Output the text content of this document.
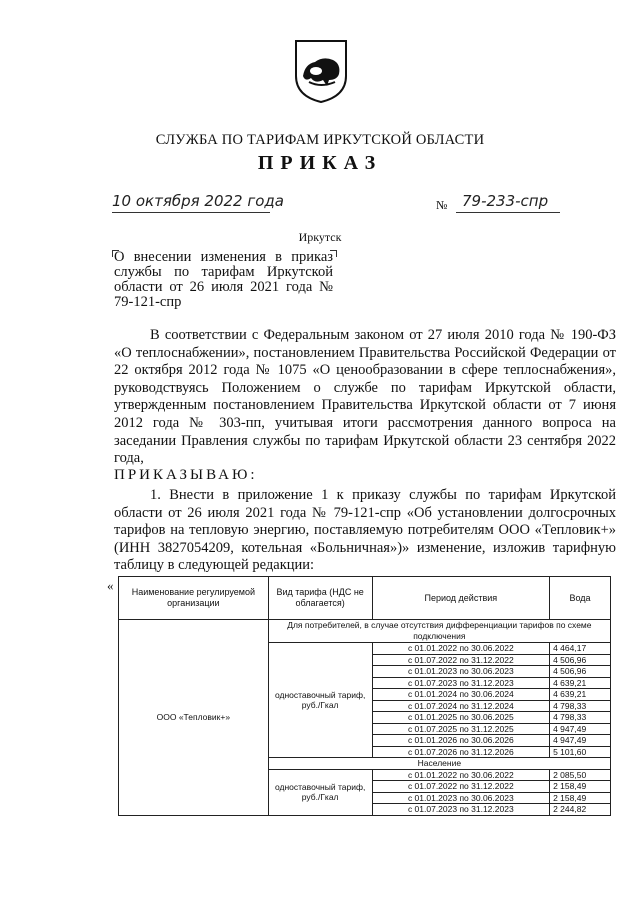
СЛУЖБА ПО ТАРИФАМ ИРКУТСКОЙ ОБЛАСТИ
ПРИКАЗ
10 октября 2022 года	№ 79-233-спр
Иркутск
О внесении изменения в приказ службы по тарифам Иркутской области от 26 июля 2021 года № 79-121-спр
В соответствии с Федеральным законом от 27 июля 2010 года № 190-ФЗ «О теплоснабжении», постановлением Правительства Российской Федерации от 22 октября 2012 года № 1075 «О ценообразовании в сфере теплоснабжения», руководствуясь Положением о службе по тарифам Иркутской области, утвержденным постановлением Правительства Иркутской области от 7 июня 2012 года № 303-пп, учитывая итоги рассмотрения данного вопроса на заседании Правления службы по тарифам Иркутской области 23 сентября 2022 года,
ПРИКАЗЫВАЮ:
1. Внести в приложение 1 к приказу службы по тарифам Иркутской области от 26 июля 2021 года № 79-121-спр «Об установлении долгосрочных тарифов на тепловую энергию, поставляемую потребителям ООО «Тепловик+» (ИНН 3827054209, котельная «Больничная»)» изменение, изложив тарифную таблицу в следующей редакции:
« Наименование регулируемой организации	Вид тарифа (НДС не облагается)	Период действия	Вода
ООО «Тепловик+»	Для потребителей, в случае отсутствия дифференциации тарифов по схеме подключения		
	одноставочный тариф, руб./Гкал	с 01.01.2022 по 30.06.2022	4 464,17
		с 01.07.2022 по 31.12.2022	4 506,96
		с 01.01.2023 по 30.06.2023	4 506,96
		с 01.07.2023 по 31.12.2023	4 639,21
		с 01.01.2024 по 30.06.2024	4 639,21
		с 01.07.2024 по 31.12.2024	4 798,33
		с 01.01.2025 по 30.06.2025	4 798,33
		с 01.07.2025 по 31.12.2025	4 947,49
		с 01.01.2026 по 30.06.2026	4 947,49
		с 01.07.2026 по 31.12.2026	5 101,60
	Население		
	одноставочный тариф, руб./Гкал	с 01.01.2022 по 30.06.2022	2 085,50
		с 01.07.2022 по 31.12.2022	2 158,49
		с 01.01.2023 по 30.06.2023	2 158,49
		с 01.07.2023 по 31.12.2023	2 244,82
